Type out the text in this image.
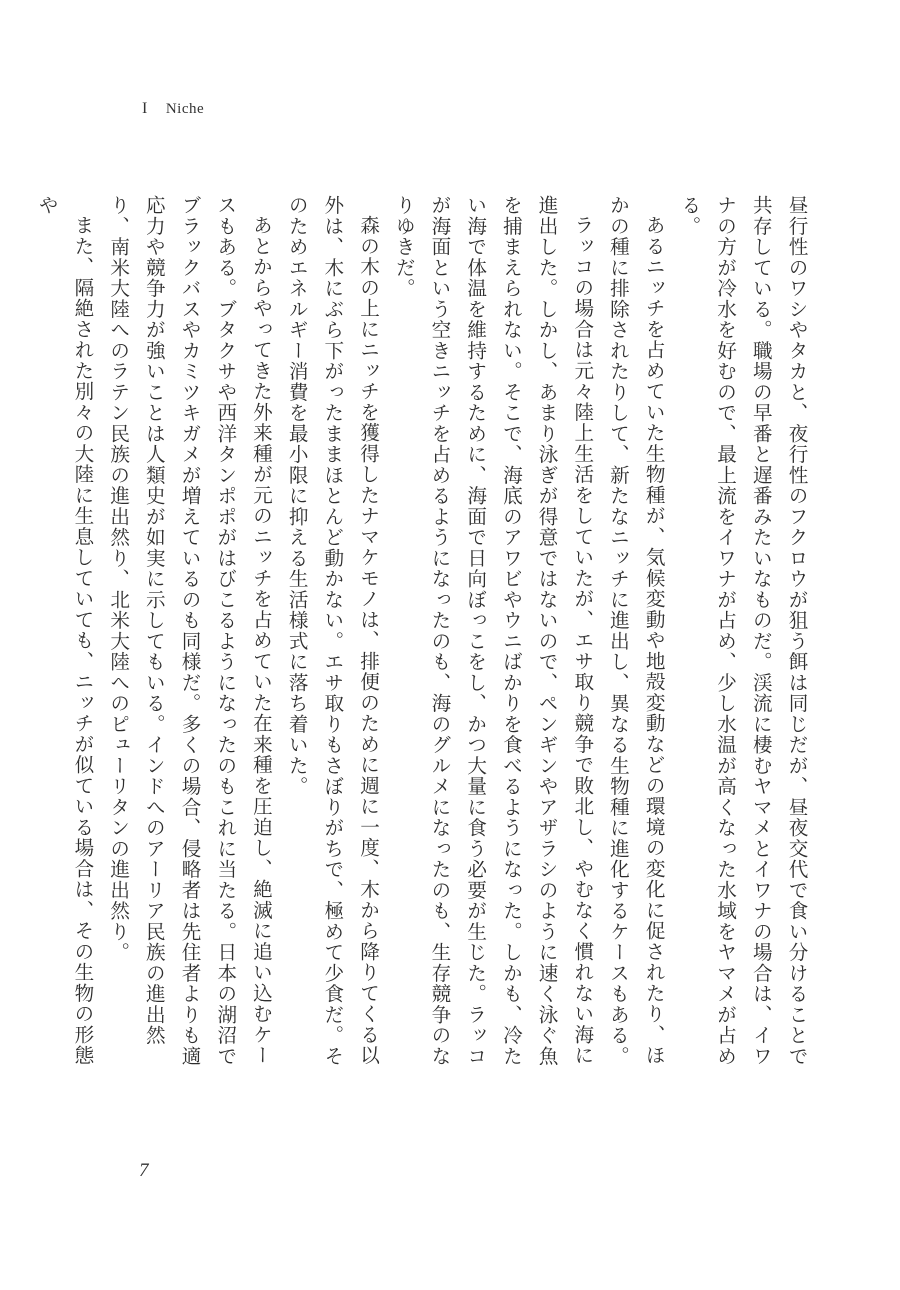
I Niche

昼行性のワシやタカと、夜行性のフクロウが狙う餌は同じだが、昼夜交代で食い分けることで共存している。職場の早番と遅番みたいなものだ。渓流に棲むヤマメとイワナの場合は、イワナの方が冷水を好むので、最上流をイワナが占め、少し水温が高くなった水域をヤマメが占める。

あるニッチを占めていた生物種が、気候変動や地殻変動などの環境の変化に促されたり、ほかの種に排除されたりして、新たなニッチに進出し、異なる生物種に進化するケースもある。

ラッコの場合は元々陸上生活をしていたが、エサ取り競争で敗北し、やむなく慣れない海に進出した。しかし、あまり泳ぎが得意ではないので、ペンギンやアザラシのように速く泳ぐ魚を捕まえられない。そこで、海底のアワビやウニばかりを食べるようになった。しかも、冷たい海で体温を維持するために、海面で日向ぼっこをし、かつ大量に食う必要が生じた。ラッコが海面という空きニッチを占めるようになったのも、海のグルメになったのも、生存競争のなりゆきだ。

森の木の上にニッチを獲得したナマケモノは、排便のために週に一度、木から降りてくる以外は、木にぶら下がったままほとんど動かない。エサ取りもさぼりがちで、極めて少食だ。そのためエネルギー消費を最小限に抑える生活様式に落ち着いた。

あとからやってきた外来種が元のニッチを占めていた在来種を圧迫し、絶滅に追い込むケースもある。ブタクサや西洋タンポポがはびこるようになったのもこれに当たる。日本の湖沼でブラックバスやカミツキガメが増えているのも同様だ。多くの場合、侵略者は先住者よりも適応力や競争力が強いことは人類史が如実に示してもいる。インドへのアーリア民族の進出然り、南米大陸へのラテン民族の進出然り、北米大陸へのピューリタンの進出然り。

また、隔絶された別々の大陸に生息していても、ニッチが似ている場合は、その生物の形態や

7
